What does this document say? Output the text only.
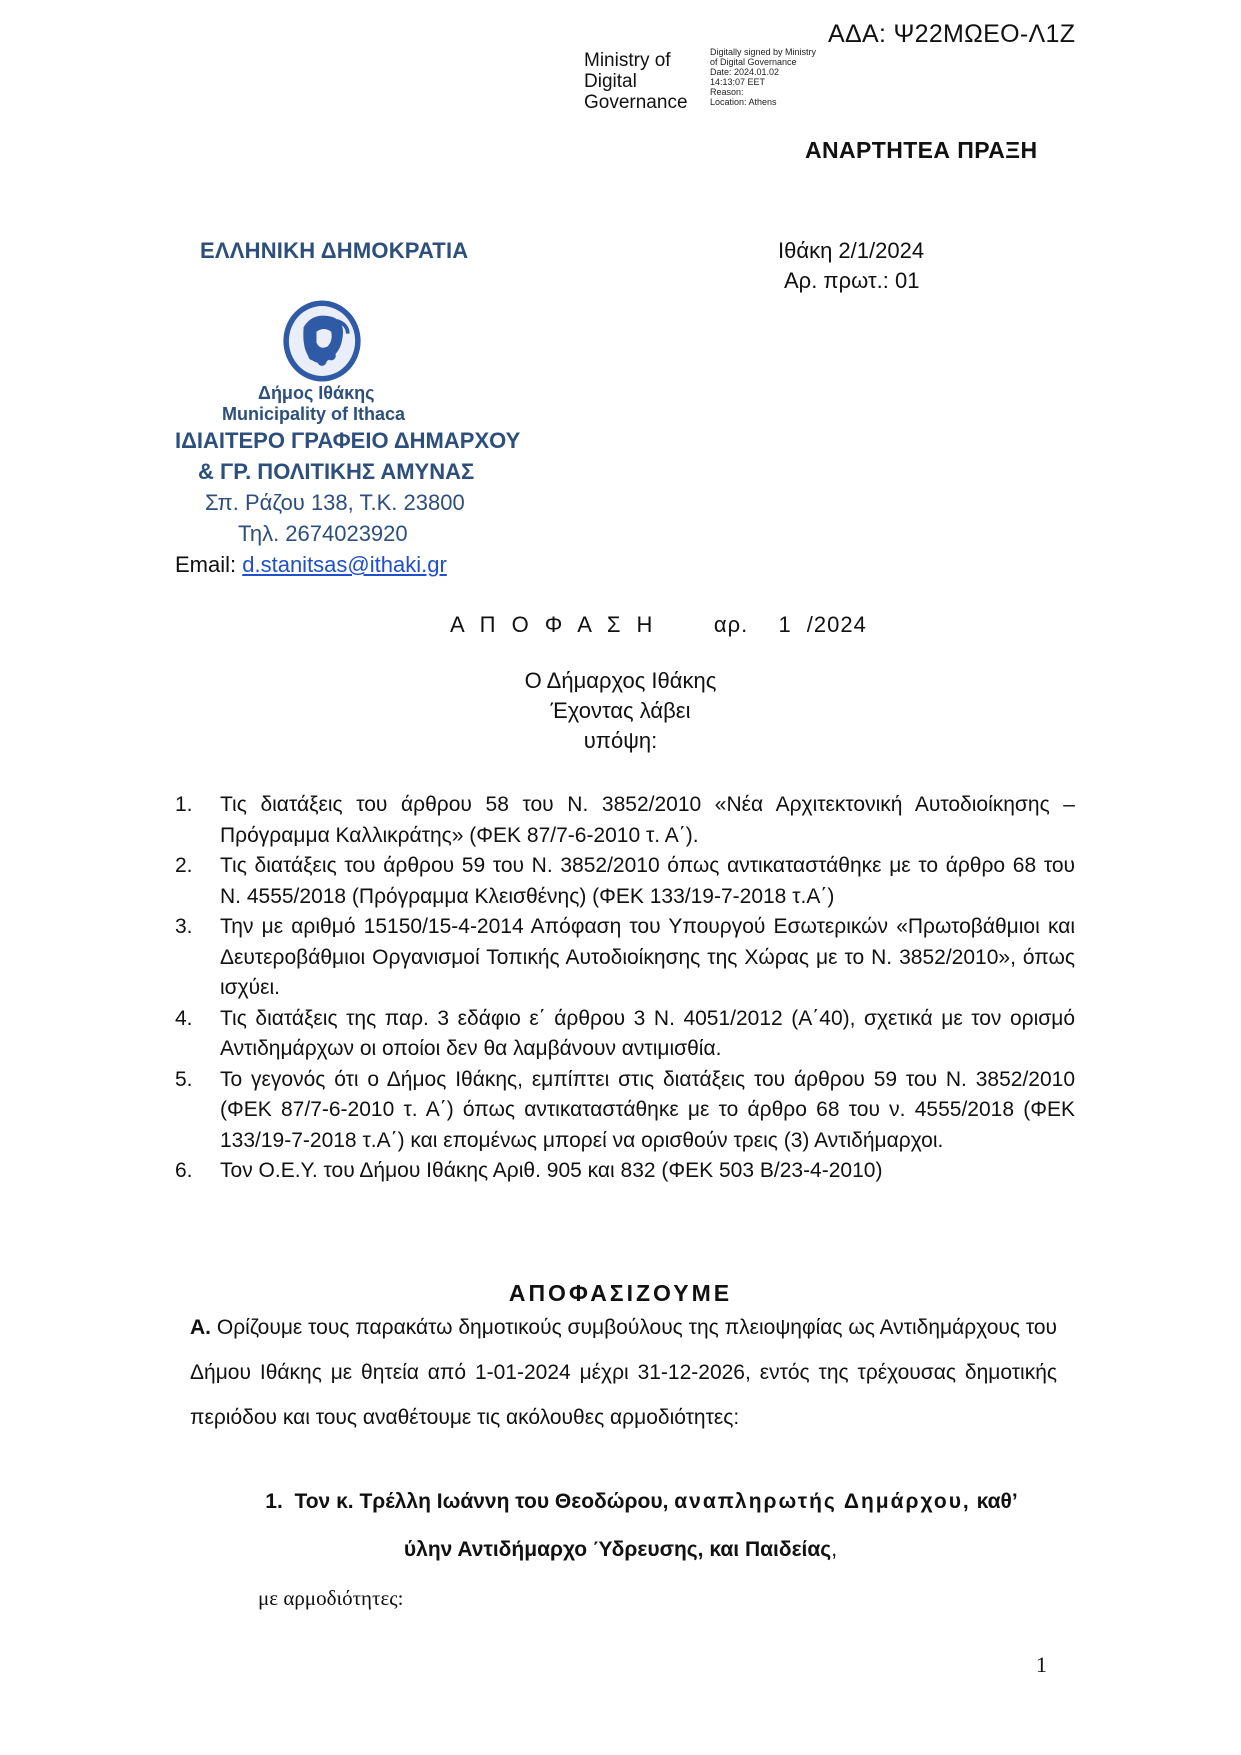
ΑΔΑ: Ψ22ΜΩΕΟ-Λ1Ζ
Ministry of
Digital
Governance
Digitally signed by Ministry
of Digital Governance
Date: 2024.01.02
14:13:07 EET
Reason:
Location: Athens
ΑΝΑΡΤΗΤΕΑ ΠΡΑΞΗ
ΕΛΛΗΝΙΚΗ ΔΗΜΟΚΡΑΤΙΑ	Ιθάκη 2/1/2024
Αρ. πρωτ.: 01
Δήμος Ιθάκης
Municipality of Ithaca
ΙΔΙΑΙΤΕΡΟ ΓΡΑΦΕΙΟ ΔΗΜΑΡΧΟΥ
& ΓΡ. ΠΟΛΙΤΙΚΗΣ ΑΜΥΝΑΣ
Σπ. Ράζου 138, Τ.Κ. 23800
Τηλ. 2674023920
Email: d.stanitsas@ithaki.gr
Α Π Ο Φ Α Σ Η    αρ.  1 /2024
Ο Δήμαρχος Ιθάκης
Έχοντας λάβει
υπόψη:
1. Τις διατάξεις του άρθρου 58 του Ν. 3852/2010 «Νέα Αρχιτεκτονική Αυτοδιοίκησης –Πρόγραμμα Καλλικράτης» (ΦΕΚ 87/7-6-2010 τ. Α΄).
2. Τις διατάξεις του άρθρου 59 του Ν. 3852/2010 όπως αντικαταστάθηκε με το άρθρο 68 του Ν. 4555/2018 (Πρόγραμμα Κλεισθένης) (ΦΕΚ 133/19-7-2018 τ.Α΄)
3. Την με αριθμό 15150/15-4-2014 Απόφαση του Υπουργού Εσωτερικών «Πρωτοβάθμιοι και Δευτεροβάθμιοι Οργανισμοί Τοπικής Αυτοδιοίκησης της Χώρας με το Ν. 3852/2010», όπως ισχύει.
4. Τις διατάξεις της παρ. 3 εδάφιο ε΄ άρθρου 3 Ν. 4051/2012 (Α΄40), σχετικά με τον ορισμό Αντιδημάρχων οι οποίοι δεν θα λαμβάνουν αντιμισθία.
5. Το γεγονός ότι ο Δήμος Ιθάκης, εμπίπτει στις διατάξεις του άρθρου 59 του Ν. 3852/2010 (ΦΕΚ 87/7-6-2010 τ. Α΄) όπως αντικαταστάθηκε με το άρθρο 68 του ν. 4555/2018 (ΦΕΚ 133/19-7-2018 τ.Α΄) και επομένως μπορεί να ορισθούν τρεις (3) Αντιδήμαρχοι.
6. Τον Ο.Ε.Υ. του Δήμου Ιθάκης Αριθ. 905 και 832 (ΦΕΚ 503 Β/23-4-2010)
ΑΠΟΦΑΣΙΖΟΥΜΕ
Α. Ορίζουμε τους παρακάτω δημοτικούς συμβούλους της πλειοψηφίας ως Αντιδημάρχους του Δήμου Ιθάκης με θητεία από 1-01-2024 μέχρι 31-12-2026, εντός της τρέχουσας δημοτικής περιόδου και τους αναθέτουμε τις ακόλουθες αρμοδιότητες:
1. Τον κ. Τρέλλη Ιωάννη του Θεοδώρου, αναπληρωτής Δημάρχου, καθ’
ύλην Αντιδήμαρχο Ύδρευσης, και Παιδείας,
με αρμοδιότητες:
1
